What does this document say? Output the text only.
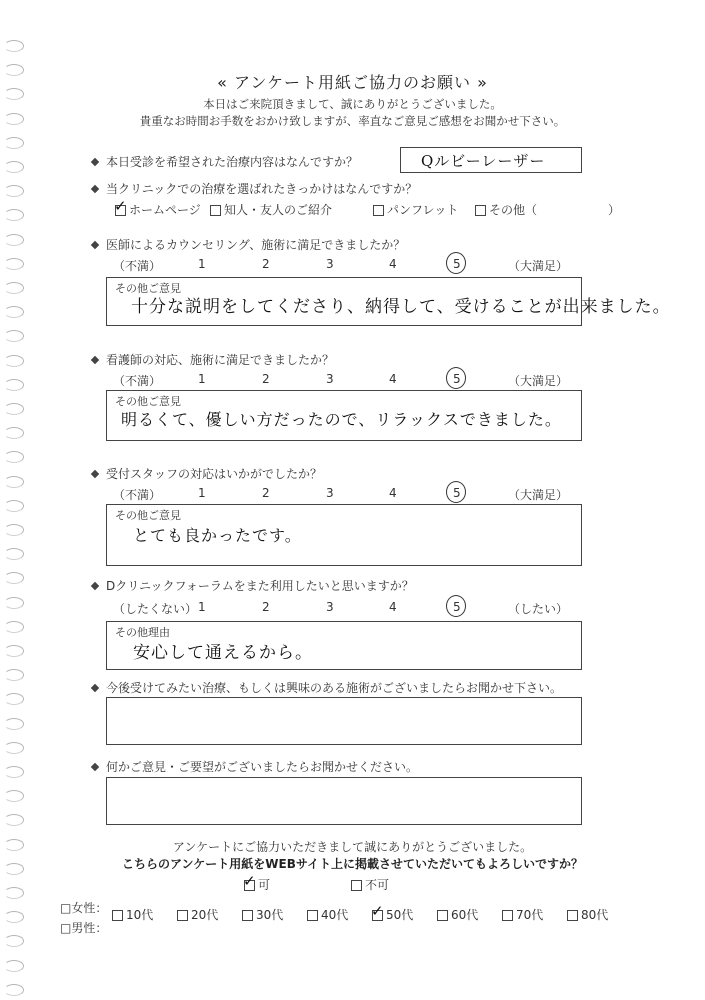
« アンケート用紙ご協力のお願い »
本日はご来院頂きまして、誠にありがとうございました。
貴重なお時間お手数をおかけ致しますが、率直なご意見ご感想をお聞かせ下さい。
本日受診を希望された治療内容はなんですか？	Qルビーレーザー
当クリニックでの治療を選ばれたきっかけはなんですか？
✓ ホームページ	知人・友人のご紹介	パンフレット	その他（	）
医師によるカウンセリング、施術に満足できましたか？
（不満）	1	2	3	4	5	（大満足）
その他ご意見
十分な説明をしてくださり、納得して、受けることが出来ました。
看護師の対応、施術に満足できましたか？
（不満）	1	2	3	4	5	（大満足）
その他ご意見
明るくて、優しい方だったので、リラックスできました。
受付スタッフの対応はいかがでしたか？
（不満）	1	2	3	4	5	（大満足）
その他ご意見
とても良かったです。
Dクリニックフォーラムをまた利用したいと思いますか？
（したくない） 1	2	3	4	5	（したい）
その他理由
安心して通えるから。
今後受けてみたい治療、もしくは興味のある施術がございましたらお聞かせ下さい。
何かご意見・ご要望がございましたらお聞かせください。
アンケートにご協力いただきまして誠にありがとうございました。
こちらのアンケート用紙をWEBサイト上に掲載させていただいてもよろしいですか？
✓ 可	不可
□女性：
□男性：
10代	20代	30代	40代 ✓ 50代	60代	70代	80代
